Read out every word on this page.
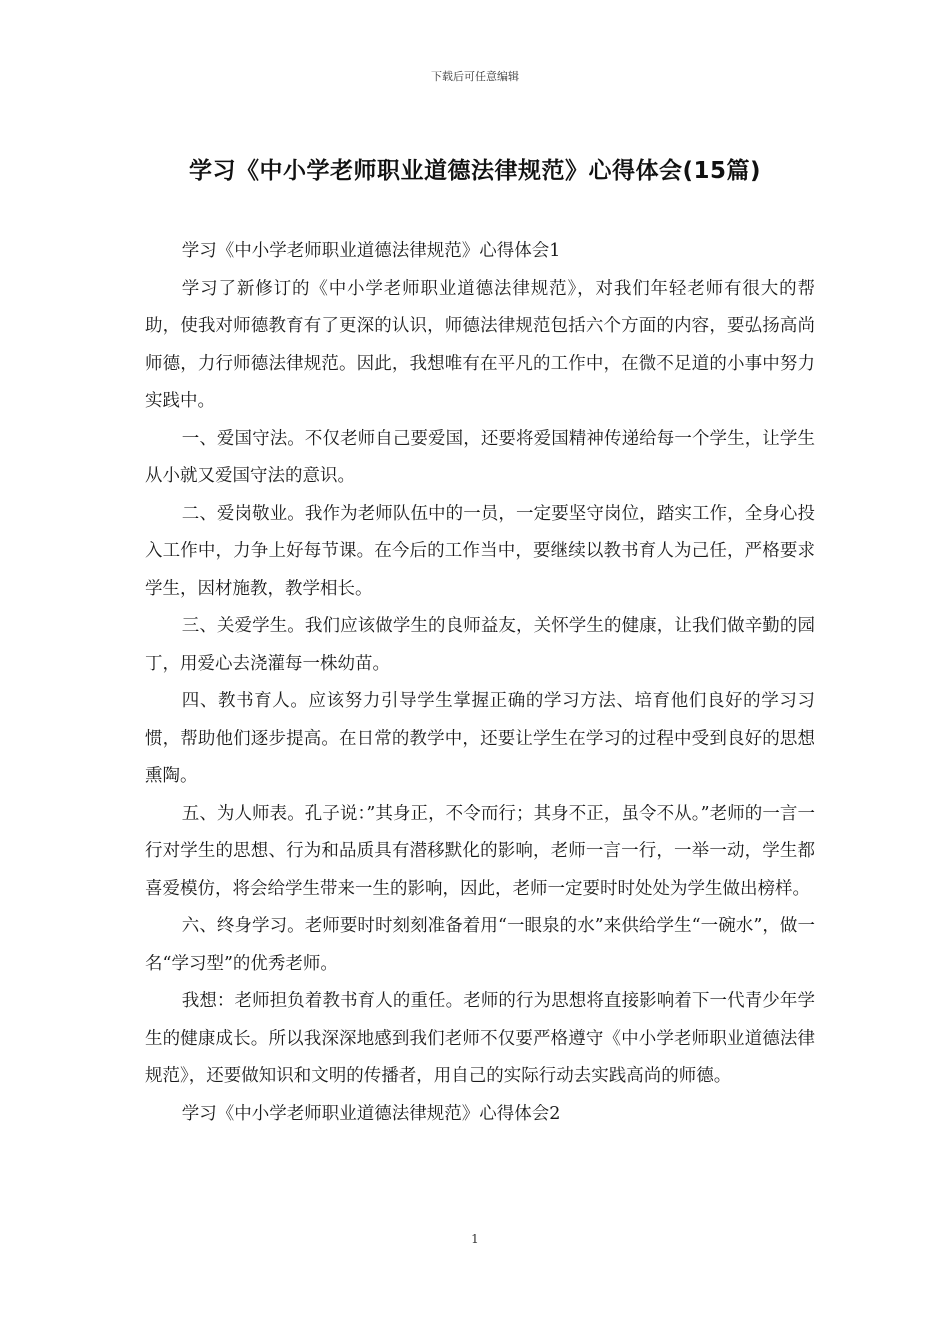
下载后可任意编辑
学习《中小学老师职业道德法律规范》心得体会(15篇)

学习《中小学老师职业道德法律规范》心得体会1

学习了新修订的《中小学老师职业道德法律规范》，对我们年轻老师有很大的帮助，使我对师德教育有了更深的认识，师德法律规范包括六个方面的内容，要弘扬高尚师德，力行师德法律规范。因此，我想唯有在平凡的工作中，在微不足道的小事中努力实践中。

一、爱国守法。不仅老师自己要爱国，还要将爱国精神传递给每一个学生，让学生从小就又爱国守法的意识。

二、爱岗敬业。我作为老师队伍中的一员，一定要坚守岗位，踏实工作，全身心投入工作中，力争上好每节课。在今后的工作当中，要继续以教书育人为己任，严格要求学生，因材施教，教学相长。

三、关爱学生。我们应该做学生的良师益友，关怀学生的健康，让我们做辛勤的园丁，用爱心去浇灌每一株幼苗。

四、教书育人。应该努力引导学生掌握正确的学习方法、培育他们良好的学习习惯，帮助他们逐步提高。在日常的教学中，还要让学生在学习的过程中受到良好的思想熏陶。

五、为人师表。孔子说：”其身正，不令而行；其身不正，虽令不从。”老师的一言一行对学生的思想、行为和品质具有潜移默化的影响，老师一言一行，一举一动，学生都喜爱模仿，将会给学生带来一生的影响，因此，老师一定要时时处处为学生做出榜样。

六、终身学习。老师要时时刻刻准备着用“一眼泉的水”来供给学生“一碗水”，做一名“学习型”的优秀老师。

我想：老师担负着教书育人的重任。老师的行为思想将直接影响着下一代青少年学生的健康成长。所以我深深地感到我们老师不仅要严格遵守《中小学老师职业道德法律规范》，还要做知识和文明的传播者，用自己的实际行动去实践高尚的师德。

学习《中小学老师职业道德法律规范》心得体会2

1
